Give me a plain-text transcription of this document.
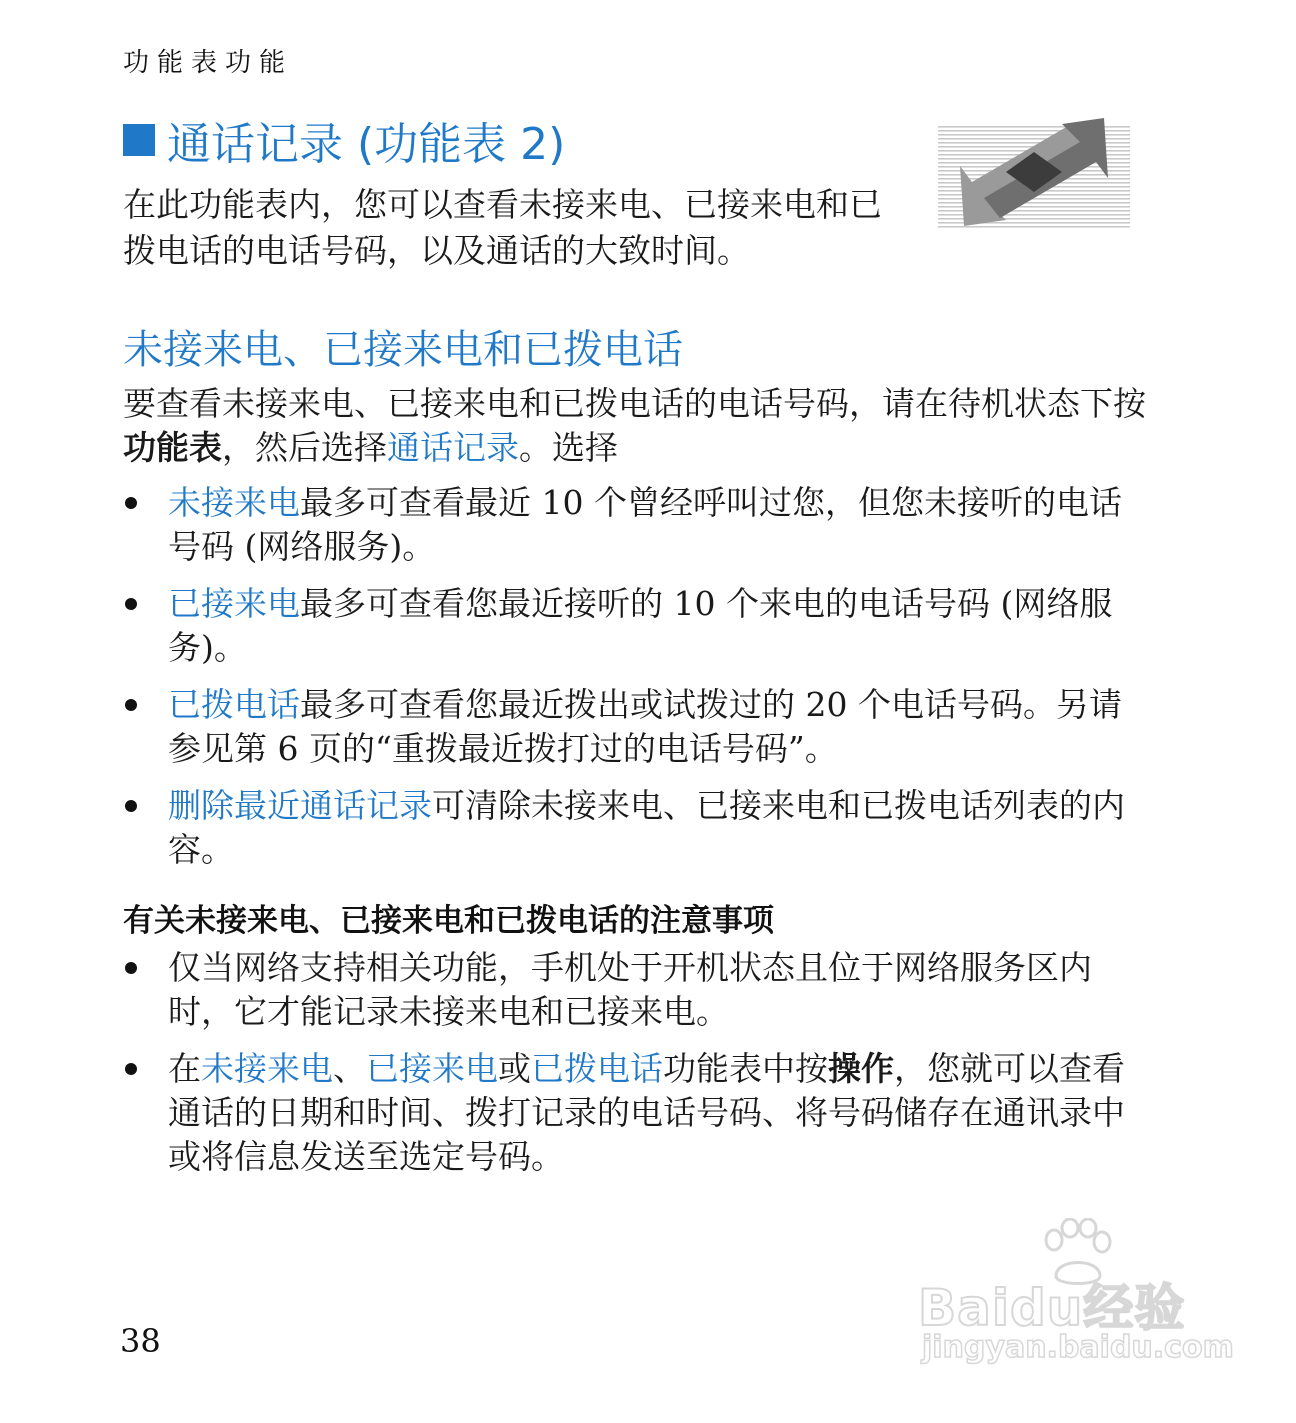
功能表功能
通话记录 (功能表 2)
在此功能表内，您可以查看未接来电、已接来电和已拨电话的电话号码，以及通话的大致时间。
未接来电、已接来电和已拨电话
要查看未接来电、已接来电和已拨电话的电话号码，请在待机状态下按功能表，然后选择通话记录。选择
未接来电最多可查看最近 10 个曾经呼叫过您，但您未接听的电话号码 (网络服务)。
已接来电最多可查看您最近接听的 10 个来电的电话号码 (网络服务)。
已拨电话最多可查看您最近拨出或试拨过的 20 个电话号码。另请参见第 6 页的“重拨最近拨打过的电话号码”。
删除最近通话记录可清除未接来电、已接来电和已拨电话列表的内容。
有关未接来电、已接来电和已拨电话的注意事项
仅当网络支持相关功能，手机处于开机状态且位于网络服务区内时，它才能记录未接来电和已接来电。
在未接来电、已接来电或已拨电话功能表中按操作，您就可以查看通话的日期和时间、拨打记录的电话号码、将号码储存在通讯录中或将信息发送至选定号码。
38
Baidu经验
jingyan.baidu.com
